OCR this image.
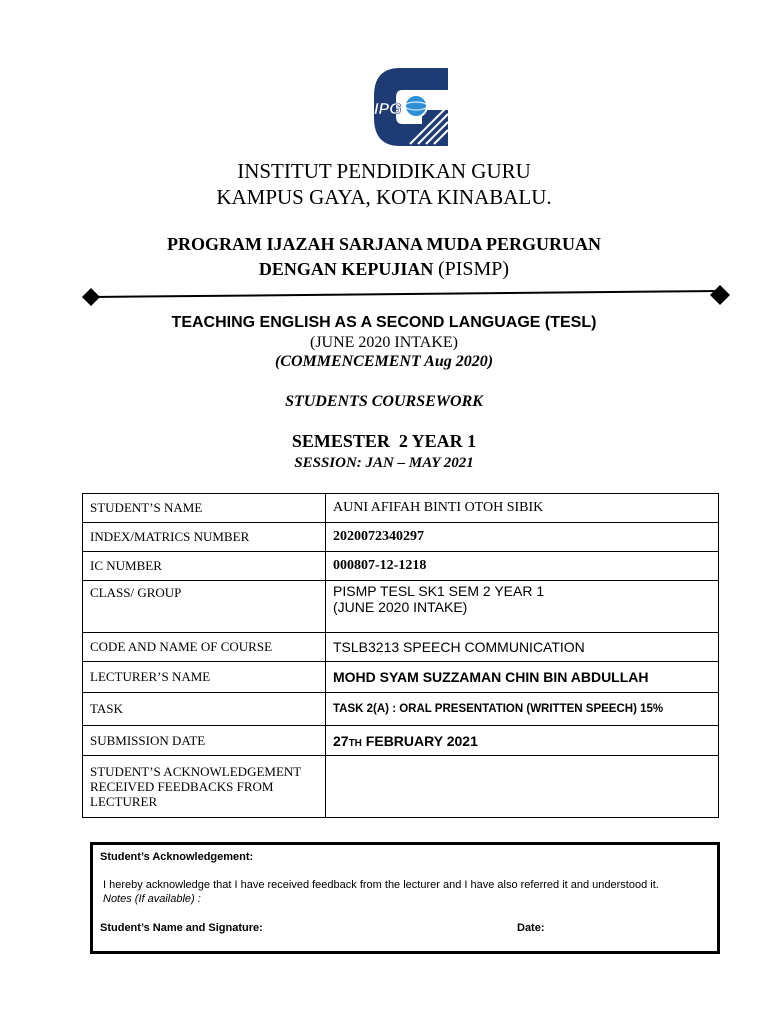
IPG
INSTITUT PENDIDIKAN GURU
KAMPUS GAYA, KOTA KINABALU.
PROGRAM IJAZAH SARJANA MUDA PERGURUAN
DENGAN KEPUJIAN (PISMP)
TEACHING ENGLISH AS A SECOND LANGUAGE (TESL)
(JUNE 2020 INTAKE)
(COMMENCEMENT Aug 2020)
STUDENTS COURSEWORK
SEMESTER  2 YEAR 1
SESSION: JAN – MAY 2021
STUDENT’S NAME	AUNI AFIFAH BINTI OTOH SIBIK
INDEX/MATRICS NUMBER	2020072340297
IC NUMBER	000807-12-1218
CLASS/ GROUP	PISMP TESL SK1 SEM 2 YEAR 1
(JUNE 2020 INTAKE)

CODE AND NAME OF COURSE	TSLB3213 SPEECH COMMUNICATION
LECTURER’S NAME	MOHD SYAM SUZZAMAN CHIN BIN ABDULLAH
TASK	TASK 2(A) : ORAL PRESENTATION (WRITTEN SPEECH) 15%
SUBMISSION DATE	27TH FEBRUARY 2021
STUDENT’S ACKNOWLEDGEMENT RECEIVED FEEDBACKS FROM LECTURER	
Student’s Acknowledgement:
I hereby acknowledge that I have received feedback from the lecturer and I have also referred it and understood it.
Notes (If available) :
Student’s Name and Signature:	Date:
